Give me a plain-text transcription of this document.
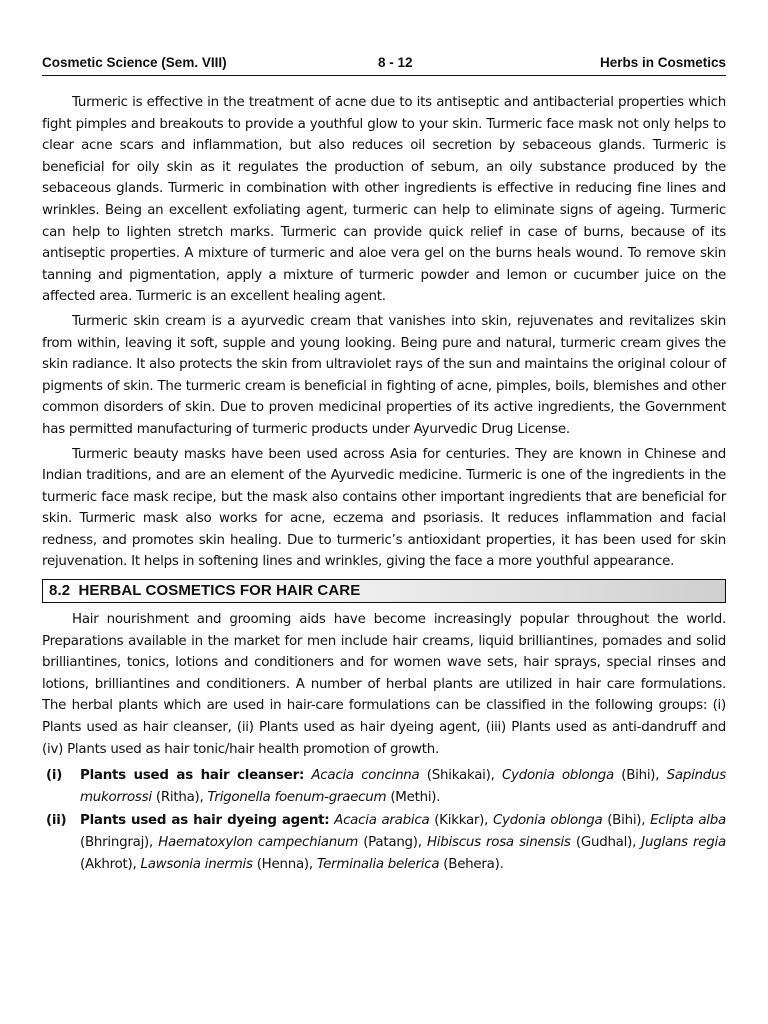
Cosmetic Science (Sem. VIII)	8 - 12	Herbs in Cosmetics

Turmeric is effective in the treatment of acne due to its antiseptic and antibacterial properties which fight pimples and breakouts to provide a youthful glow to your skin. Turmeric face mask not only helps to clear acne scars and inflammation, but also reduces oil secretion by sebaceous glands. Turmeric is beneficial for oily skin as it regulates the production of sebum, an oily substance produced by the sebaceous glands. Turmeric in combination with other ingredients is effective in reducing fine lines and wrinkles. Being an excellent exfoliating agent, turmeric can help to eliminate signs of ageing. Turmeric can help to lighten stretch marks. Turmeric can provide quick relief in case of burns, because of its antiseptic properties. A mixture of turmeric and aloe vera gel on the burns heals wound. To remove skin tanning and pigmentation, apply a mixture of turmeric powder and lemon or cucumber juice on the affected area. Turmeric is an excellent healing agent.

Turmeric skin cream is a ayurvedic cream that vanishes into skin, rejuvenates and revitalizes skin from within, leaving it soft, supple and young looking. Being pure and natural, turmeric cream gives the skin radiance. It also protects the skin from ultraviolet rays of the sun and maintains the original colour of pigments of skin. The turmeric cream is beneficial in fighting of acne, pimples, boils, blemishes and other common disorders of skin. Due to proven medicinal properties of its active ingredients, the Government has permitted manufacturing of turmeric products under Ayurvedic Drug License.

Turmeric beauty masks have been used across Asia for centuries. They are known in Chinese and Indian traditions, and are an element of the Ayurvedic medicine. Turmeric is one of the ingredients in the turmeric face mask recipe, but the mask also contains other important ingredients that are beneficial for skin. Turmeric mask also works for acne, eczema and psoriasis. It reduces inflammation and facial redness, and promotes skin healing. Due to turmeric’s antioxidant properties, it has been used for skin rejuvenation. It helps in softening lines and wrinkles, giving the face a more youthful appearance.

8.2 HERBAL COSMETICS FOR HAIR CARE

Hair nourishment and grooming aids have become increasingly popular throughout the world. Preparations available in the market for men include hair creams, liquid brilliantines, pomades and solid brilliantines, tonics, lotions and conditioners and for women wave sets, hair sprays, special rinses and lotions, brilliantines and conditioners. A number of herbal plants are utilized in hair care formulations. The herbal plants which are used in hair-care formulations can be classified in the following groups: (i) Plants used as hair cleanser, (ii) Plants used as hair dyeing agent, (iii) Plants used as anti-dandruff and (iv) Plants used as hair tonic/hair health promotion of growth.

(i)	Plants used as hair cleanser: Acacia concinna (Shikakai), Cydonia oblonga (Bihi), Sapindus mukorrossi (Ritha), Trigonella foenum-graecum (Methi).
(ii)	Plants used as hair dyeing agent: Acacia arabica (Kikkar), Cydonia oblonga (Bihi), Eclipta alba (Bhringraj), Haematoxylon campechianum (Patang), Hibiscus rosa sinensis (Gudhal), Juglans regia (Akhrot), Lawsonia inermis (Henna), Terminalia belerica (Behera).
